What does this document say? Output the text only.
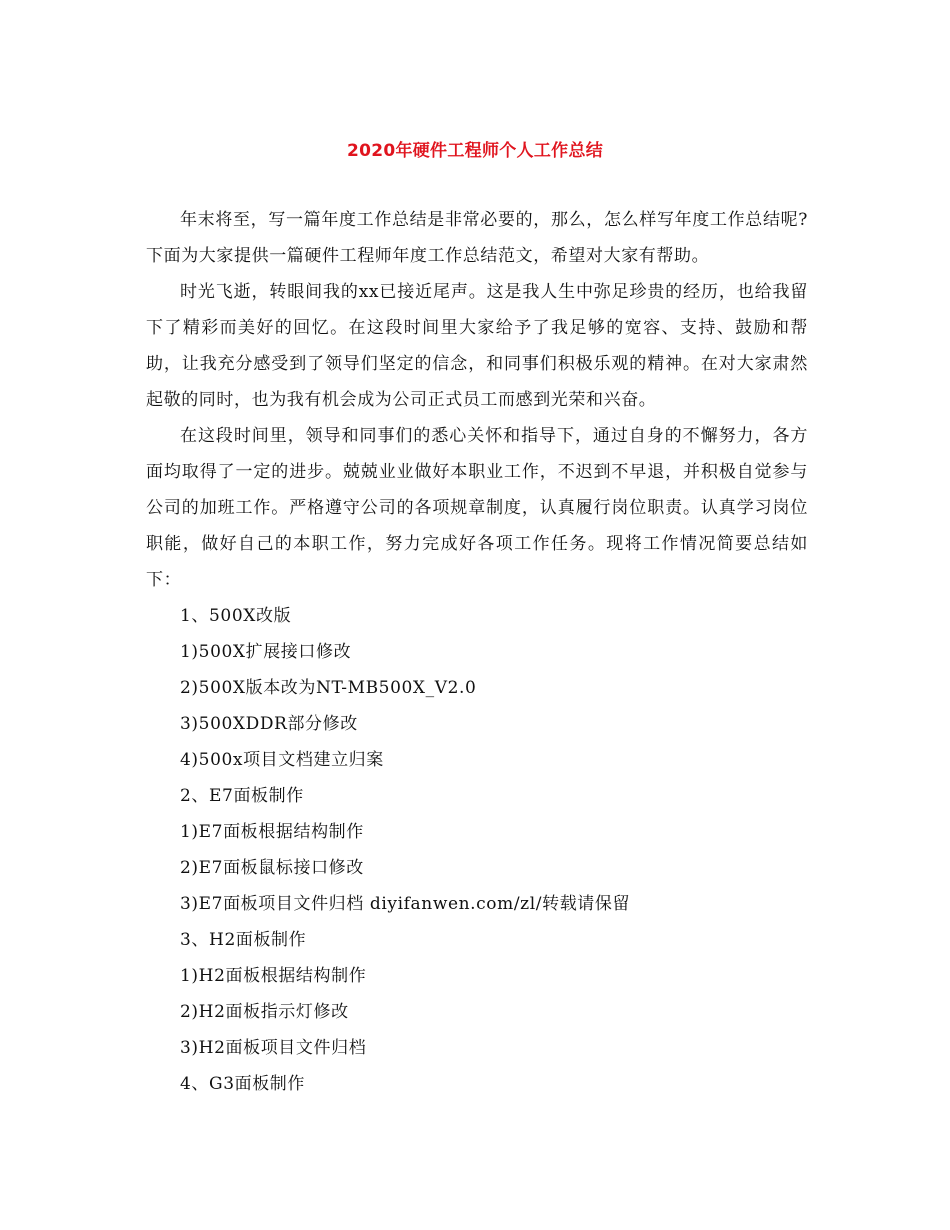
2020年硬件工程师个人工作总结

年末将至，写一篇年度工作总结是非常必要的，那么，怎么样写年度工作总结呢?下面为大家提供一篇硬件工程师年度工作总结范文，希望对大家有帮助。

时光飞逝，转眼间我的xx已接近尾声。这是我人生中弥足珍贵的经历，也给我留下了精彩而美好的回忆。在这段时间里大家给予了我足够的宽容、支持、鼓励和帮助，让我充分感受到了领导们坚定的信念，和同事们积极乐观的精神。在对大家肃然起敬的同时，也为我有机会成为公司正式员工而感到光荣和兴奋。

在这段时间里，领导和同事们的悉心关怀和指导下，通过自身的不懈努力，各方面均取得了一定的进步。兢兢业业做好本职业工作，不迟到不早退，并积极自觉参与公司的加班工作。严格遵守公司的各项规章制度，认真履行岗位职责。认真学习岗位职能，做好自己的本职工作，努力完成好各项工作任务。现将工作情况简要总结如下：

1、500X改版
1)500X扩展接口修改
2)500X版本改为NT-MB500X_V2.0
3)500XDDR部分修改
4)500x项目文档建立归案
2、E7面板制作
1)E7面板根据结构制作
2)E7面板鼠标接口修改
3)E7面板项目文件归档 diyifanwen.com/zl/转载请保留
3、H2面板制作
1)H2面板根据结构制作
2)H2面板指示灯修改
3)H2面板项目文件归档
4、G3面板制作
